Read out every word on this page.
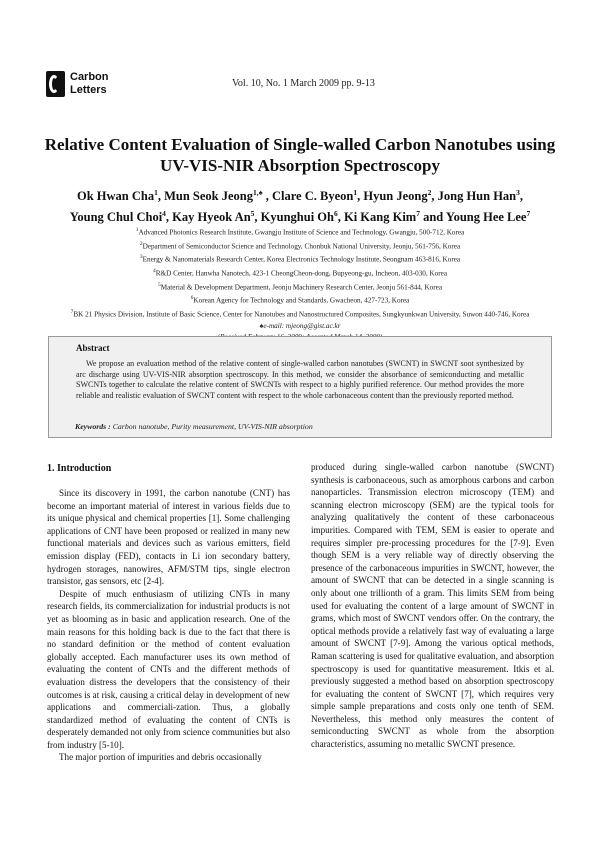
Carbon
Letters
Vol. 10, No. 1 March 2009 pp. 9-13
Relative Content Evaluation of Single-walled Carbon Nanotubes using
UV-VIS-NIR Absorption Spectroscopy
Ok Hwan Cha$^1$, Mun Seok Jeong$^{1,♠}$ , Clare C. Byeon$^1$, Hyun Jeong$^2$, Jong Hun Han$^3$,
Young Chul Choi$^4$, Kay Hyeok An$^5$, Kyunghui Oh$^6$, Ki Kang Kim$^7$ and Young Hee Lee$^7$
$^1$Advanced Photonics Research Institute, Gwangju Institute of Science and Technology, Gwangju, 500-712, Korea
$^2$Department of Semiconductor Science and Technology, Chonbuk National University, Jeonju, 561-756, Korea
$^3$Energy & Nanomaterials Research Center, Korea Electronics Technology Institute, Seongnam 463-816, Korea
$^4$R&D Center, Hanwha Nanotech, 423-1 CheongCheon-dong, Bupyeong-gu, Incheon, 403-030, Korea
$^5$Material & Development Department, Jeonju Machinery Research Center, Jeonju 561-844, Korea
$^6$Korean Agency for Technology and Standards, Gwacheon, 427-723, Korea
$^7$BK 21 Physics Division, Institute of Basic Science, Center for Nanotubes and Nanostructured Composites, Sungkyunkwan University, Suwon 440-746, Korea
♠e-mail: mjeong@gist.ac.kr
Abstract

We propose an evaluation method of the relative content of single-walled carbon nanotubes (SWCNT) in SWCNT soot synthesized by arc discharge using UV-VIS-NIR absorption spectroscopy. In this method, we consider the absorbance of semiconducting and metallic SWCNTs together to calculate the relative content of SWCNTs with respect to a highly purified reference. Our method provides the more reliable and realistic evaluation of SWCNT content with respect to the whole carbonaceous content than the previously reported method.

Keywords : Carbon nanotube, Purity measurement, UV-VIS-NIR absorption
1. Introduction

Since its discovery in 1991, the carbon nanotube (CNT) has become an important material of interest in various fields due to its unique physical and chemical properties [1]. Some challenging applications of CNT have been proposed or realized in many new functional materials and devices such as various emitters, field emission display (FED), contacts in Li ion secondary battery, hydrogen storages, nanowires, AFM/STM tips, single electron transistor, gas sensors, etc [2-4].

Despite of much enthusiasm of utilizing CNTs in many research fields, its commercialization for industrial products is not yet as blooming as in basic and application research. One of the main reasons for this holding back is due to the fact that there is no standard definition or the method of content evaluation globally accepted. Each manufacturer uses its own method of evaluating the content of CNTs and the different methods of evaluation distress the developers that the consistency of their outcomes is at risk, causing a critical delay in development of new applications and commerciali-zation. Thus, a globally standardized method of evaluating the content of CNTs is desperately demanded not only from science communities but also from industry [5-10].

The major portion of impurities and debris occasionally

produced during single-walled carbon nanotube (SWCNT) synthesis is carbonaceous, such as amorphous carbons and carbon nanoparticles. Transmission electron microscopy (TEM) and scanning electron microscopy (SEM) are the typical tools for analyzing qualitatively the content of these carbonaceous impurities. Compared with TEM, SEM is easier to operate and requires simpler pre-processing procedures for the [7-9]. Even though SEM is a very reliable way of directly observing the presence of the carbonaceous impurities in SWCNT, however, the amount of SWCNT that can be detected in a single scanning is only about one trillionth of a gram. This limits SEM from being used for evaluating the content of a large amount of SWCNT in grams, which most of SWCNT vendors offer. On the contrary, the optical methods provide a relatively fast way of evaluating a large amount of SWCNT [7-9]. Among the various optical methods, Raman scattering is used for qualitative evaluation, and absorption spectroscopy is used for quantitative measurement. Itkis et al. previously suggested a method based on absorption spectroscopy for evaluating the content of SWCNT [7], which requires very simple sample preparations and costs only one tenth of SEM. Nevertheless, this method only measures the content of semiconducting SWCNT as whole from the absorption characteristics, assuming no metallic SWCNT presence.
